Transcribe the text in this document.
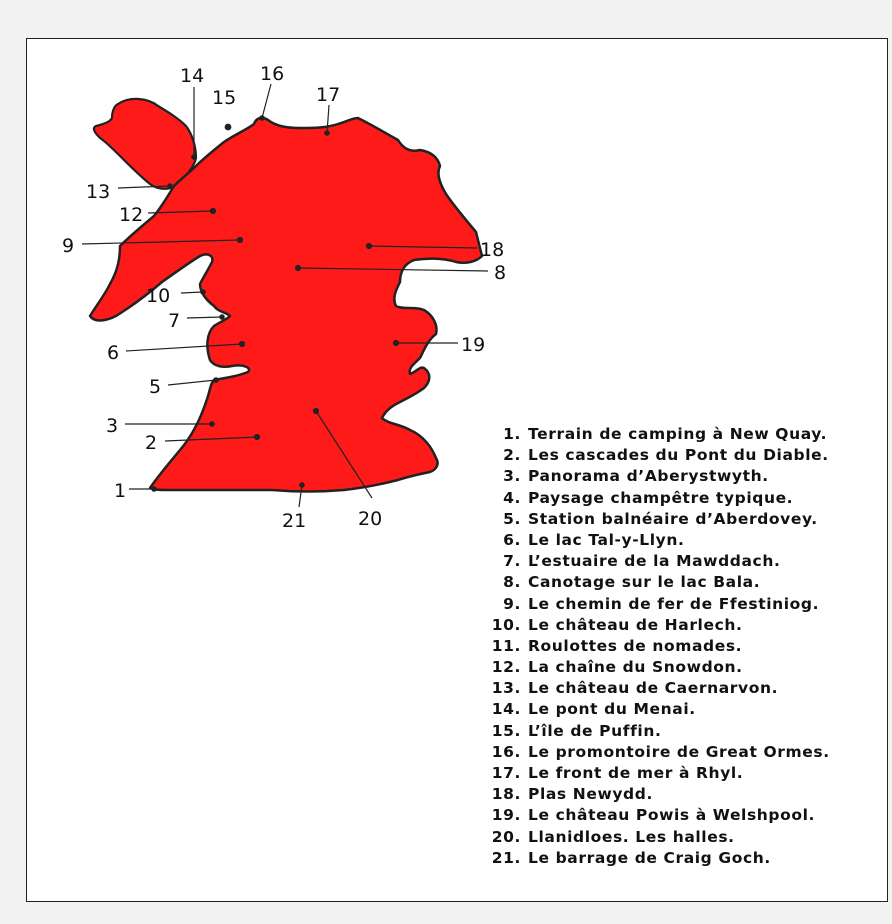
1
2
3
5
6
7
8
9
10
12
13
14
15
16
17
18
19
20
21
1. Terrain de camping à New Quay.
2. Les cascades du Pont du Diable.
3. Panorama d’Aberystwyth.
4. Paysage champêtre typique.
5. Station balnéaire d’Aberdovey.
6. Le lac Tal-y-Llyn.
7. L’estuaire de la Mawddach.
8. Canotage sur le lac Bala.
9. Le chemin de fer de Ffestiniog.
10. Le château de Harlech.
11. Roulottes de nomades.
12. La chaîne du Snowdon.
13. Le château de Caernarvon.
14. Le pont du Menai.
15. L’île de Puffin.
16. Le promontoire de Great Ormes.
17. Le front de mer à Rhyl.
18. Plas Newydd.
19. Le château Powis à Welshpool.
20. Llanidloes. Les halles.
21. Le barrage de Craig Goch.
